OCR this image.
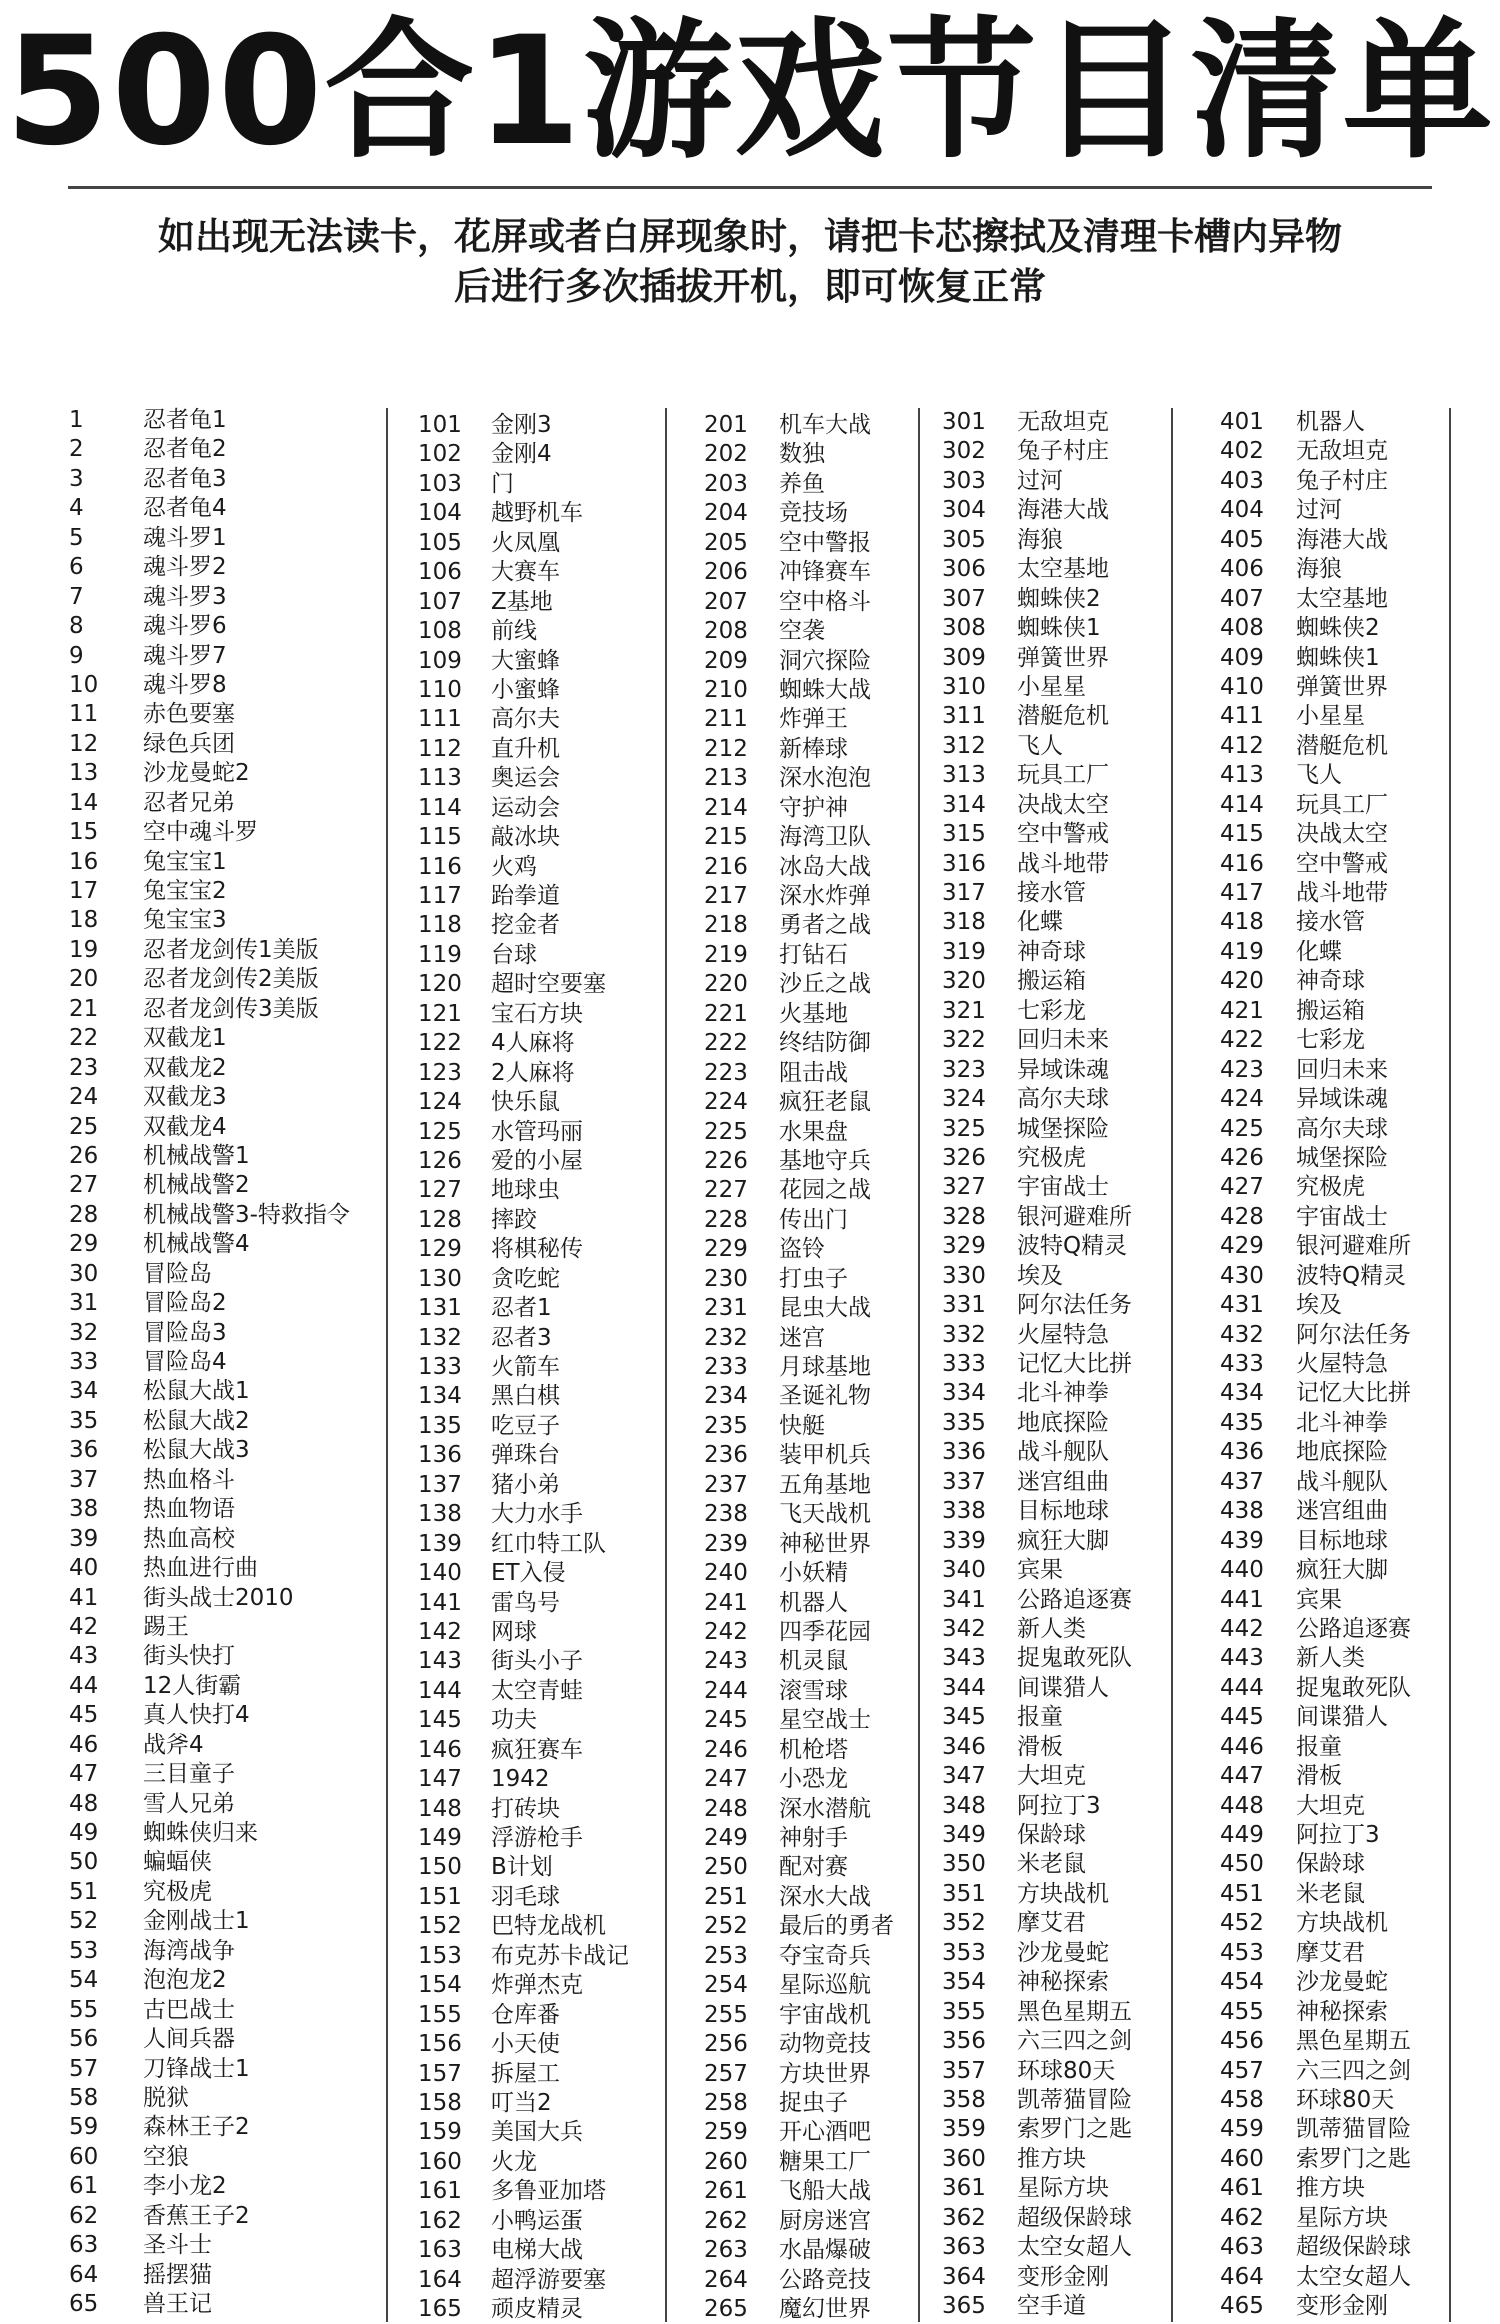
500合1游戏节目清单
如出现无法读卡，花屏或者白屏现象时，请把卡芯擦拭及清理卡槽内异物
后进行多次插拔开机，即可恢复正常
1	忍者龟1
2	忍者龟2
3	忍者龟3
4	忍者龟4
5	魂斗罗1
6	魂斗罗2
7	魂斗罗3
8	魂斗罗6
9	魂斗罗7
10 魂斗罗8
11 赤色要塞
12 绿色兵团
13 沙龙曼蛇2
14 忍者兄弟
15 空中魂斗罗
16 兔宝宝1
17 兔宝宝2
18 兔宝宝3
19 忍者龙剑传1美版
20 忍者龙剑传2美版
21 忍者龙剑传3美版
22 双截龙1
23 双截龙2
24 双截龙3
25 双截龙4
26 机械战警1
27 机械战警2
28 机械战警3-特救指令
29 机械战警4
30 冒险岛
31 冒险岛2
32 冒险岛3
33 冒险岛4
34 松鼠大战1
35 松鼠大战2
36 松鼠大战3
37 热血格斗
38 热血物语
39 热血高校
40 热血进行曲
41 街头战士2010
42 踢王
43 街头快打
44 12人街霸
45 真人快打4
46 战斧4
47 三目童子
48 雪人兄弟
49 蜘蛛侠归来
50 蝙蝠侠
51 究极虎
52 金刚战士1
53 海湾战争
54 泡泡龙2
55 古巴战士
56 人间兵器
57 刀锋战士1
58 脱狱
59 森林王子2
60 空狼
61 李小龙2
62 香蕉王子2
63 圣斗士
64 摇摆猫
65 兽王记
101 金刚3
102 金刚4
103 门
104 越野机车
105 火凤凰
106 大赛车
107 Z基地
108 前线
109 大蜜蜂
110 小蜜蜂
111 高尔夫
112 直升机
113 奥运会
114 运动会
115 敲冰块
116 火鸡
117 跆拳道
118 挖金者
119 台球
120 超时空要塞
121 宝石方块
122 4人麻将
123 2人麻将
124 快乐鼠
125 水管玛丽
126 爱的小屋
127 地球虫
128 摔跤
129 将棋秘传
130 贪吃蛇
131 忍者1
132 忍者3
133 火箭车
134 黑白棋
135 吃豆子
136 弹珠台
137 猪小弟
138 大力水手
139 红巾特工队
140 ET入侵
141 雷鸟号
142 网球
143 街头小子
144 太空青蛙
145 功夫
146 疯狂赛车
147 1942
148 打砖块
149 浮游枪手
150 B计划
151 羽毛球
152 巴特龙战机
153 布克苏卡战记
154 炸弹杰克
155 仓库番
156 小天使
157 拆屋工
158 叮当2
159 美国大兵
160 火龙
161 多鲁亚加塔
162 小鸭运蛋
163 电梯大战
164 超浮游要塞
165 顽皮精灵
201 机车大战
202 数独
203 养鱼
204 竞技场
205 空中警报
206 冲锋赛车
207 空中格斗
208 空袭
209 洞穴探险
210 蜘蛛大战
211 炸弹王
212 新棒球
213 深水泡泡
214 守护神
215 海湾卫队
216 冰岛大战
217 深水炸弹
218 勇者之战
219 打钻石
220 沙丘之战
221 火基地
222 终结防御
223 阻击战
224 疯狂老鼠
225 水果盘
226 基地守兵
227 花园之战
228 传出门
229 盗铃
230 打虫子
231 昆虫大战
232 迷宫
233 月球基地
234 圣诞礼物
235 快艇
236 装甲机兵
237 五角基地
238 飞天战机
239 神秘世界
240 小妖精
241 机器人
242 四季花园
243 机灵鼠
244 滚雪球
245 星空战士
246 机枪塔
247 小恐龙
248 深水潜航
249 神射手
250 配对赛
251 深水大战
252 最后的勇者
253 夺宝奇兵
254 星际巡航
255 宇宙战机
256 动物竞技
257 方块世界
258 捉虫子
259 开心酒吧
260 糖果工厂
261 飞船大战
262 厨房迷宫
263 水晶爆破
264 公路竞技
265 魔幻世界
301 无敌坦克
302 兔子村庄
303 过河
304 海港大战
305 海狼
306 太空基地
307 蜘蛛侠2
308 蜘蛛侠1
309 弹簧世界
310 小星星
311 潜艇危机
312 飞人
313 玩具工厂
314 决战太空
315 空中警戒
316 战斗地带
317 接水管
318 化蝶
319 神奇球
320 搬运箱
321 七彩龙
322 回归未来
323 异域诛魂
324 高尔夫球
325 城堡探险
326 究极虎
327 宇宙战士
328 银河避难所
329 波特Q精灵
330 埃及
331 阿尔法任务
332 火屋特急
333 记忆大比拼
334 北斗神拳
335 地底探险
336 战斗舰队
337 迷宫组曲
338 目标地球
339 疯狂大脚
340 宾果
341 公路追逐赛
342 新人类
343 捉鬼敢死队
344 间谍猎人
345 报童
346 滑板
347 大坦克
348 阿拉丁3
349 保龄球
350 米老鼠
351 方块战机
352 摩艾君
353 沙龙曼蛇
354 神秘探索
355 黑色星期五
356 六三四之剑
357 环球80天
358 凯蒂猫冒险
359 索罗门之匙
360 推方块
361 星际方块
362 超级保龄球
363 太空女超人
364 变形金刚
365 空手道
401 机器人
402 无敌坦克
403 兔子村庄
404 过河
405 海港大战
406 海狼
407 太空基地
408 蜘蛛侠2
409 蜘蛛侠1
410 弹簧世界
411 小星星
412 潜艇危机
413 飞人
414 玩具工厂
415 决战太空
416 空中警戒
417 战斗地带
418 接水管
419 化蝶
420 神奇球
421 搬运箱
422 七彩龙
423 回归未来
424 异域诛魂
425 高尔夫球
426 城堡探险
427 究极虎
428 宇宙战士
429 银河避难所
430 波特Q精灵
431 埃及
432 阿尔法任务
433 火屋特急
434 记忆大比拼
435 北斗神拳
436 地底探险
437 战斗舰队
438 迷宫组曲
439 目标地球
440 疯狂大脚
441 宾果
442 公路追逐赛
443 新人类
444 捉鬼敢死队
445 间谍猎人
446 报童
447 滑板
448 大坦克
449 阿拉丁3
450 保龄球
451 米老鼠
452 方块战机
453 摩艾君
454 沙龙曼蛇
455 神秘探索
456 黑色星期五
457 六三四之剑
458 环球80天
459 凯蒂猫冒险
460 索罗门之匙
461 推方块
462 星际方块
463 超级保龄球
464 太空女超人
465 变形金刚
